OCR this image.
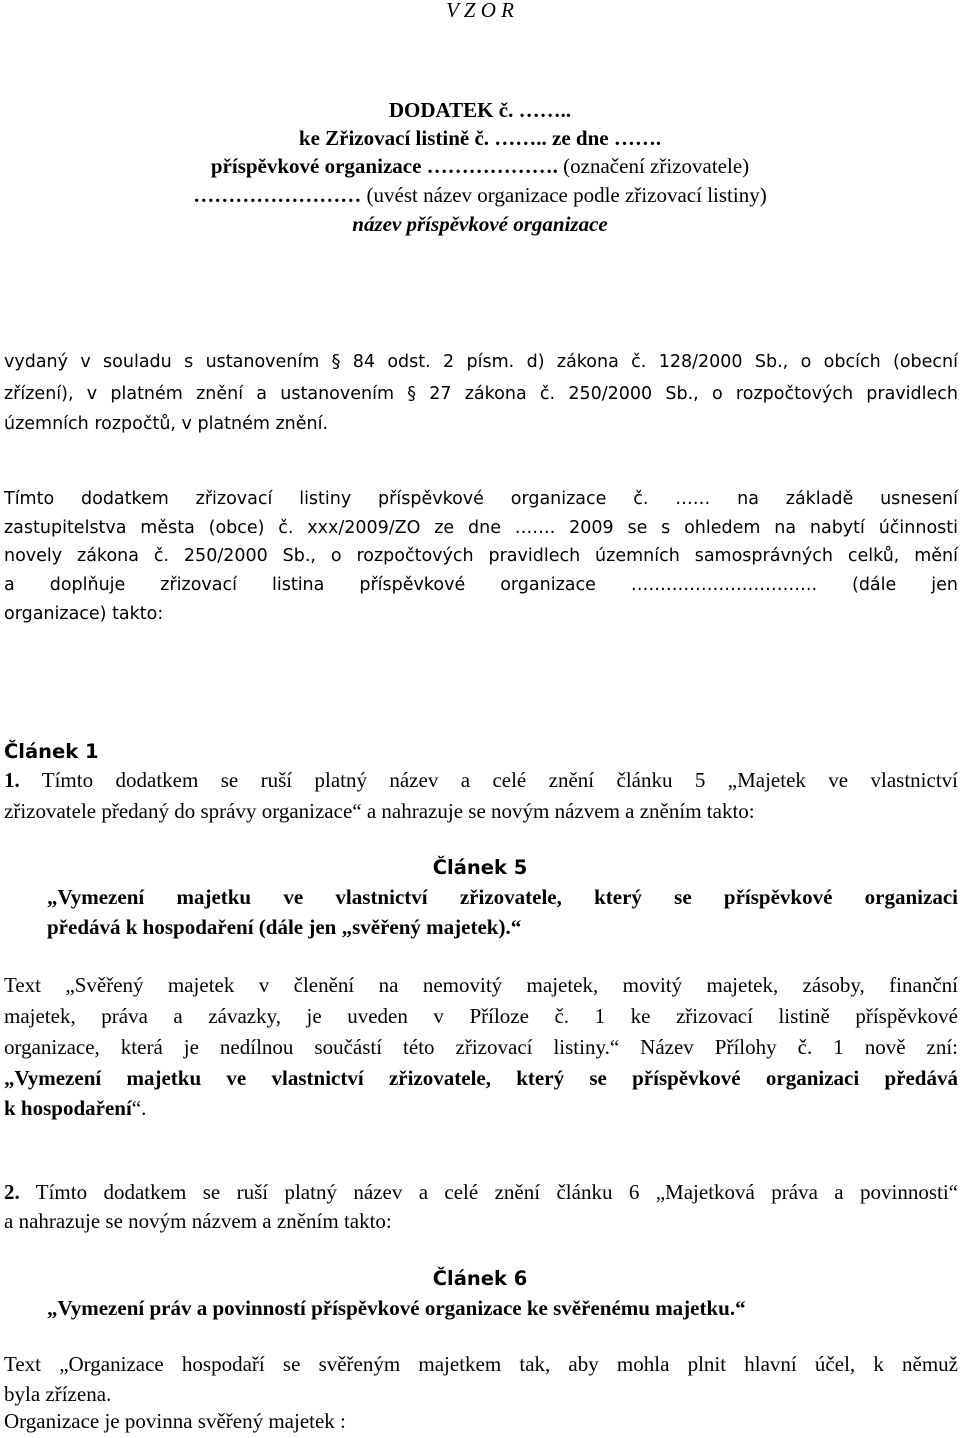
V Z O R
DODATEK č. ……..
ke Zřizovací listině č. …….. ze dne …….
příspěvkové organizace ………………. (označení zřizovatele)
…………………… (uvést název organizace podle zřizovací listiny)
název příspěvkové organizace
vydaný v souladu s ustanovením § 84 odst. 2 písm. d) zákona č. 128/2000 Sb., o obcích (obecní
zřízení), v platném znění a ustanovením § 27 zákona č. 250/2000 Sb., o rozpočtových pravidlech
územních rozpočtů, v platném znění.
Tímto dodatkem zřizovací listiny příspěvkové organizace č. …… na základě usnesení
zastupitelstva města (obce) č. xxx/2009/ZO ze dne ……. 2009 se s ohledem na nabytí účinnosti
novely zákona č. 250/2000 Sb., o rozpočtových pravidlech územních samosprávných celků, mění
a doplňuje zřizovací listina příspěvkové organizace ………………………….. (dále jen
organizace) takto:
Článek 1
1. Tímto dodatkem se ruší platný název a celé znění článku 5 „Majetek ve vlastnictví
zřizovatele předaný do správy organizace“ a nahrazuje se novým názvem a zněním takto:
Článek 5
„Vymezení majetku ve vlastnictví zřizovatele, který se příspěvkové organizaci
předává k hospodaření (dále jen „svěřený majetek).“
Text „Svěřený majetek v členění na nemovitý majetek, movitý majetek, zásoby, finanční
majetek, práva a závazky, je uveden v Příloze č. 1 ke zřizovací listině příspěvkové
organizace, která je nedílnou součástí této zřizovací listiny.“ Název Přílohy č. 1 nově zní:
„Vymezení majetku ve vlastnictví zřizovatele, který se příspěvkové organizaci předává
k hospodaření“.
2. Tímto dodatkem se ruší platný název a celé znění článku 6 „Majetková práva a povinnosti“
a nahrazuje se novým názvem a zněním takto:
Článek 6
„Vymezení práv a povinností příspěvkové organizace ke svěřenému majetku.“
Text „Organizace hospodaří se svěřeným majetkem tak, aby mohla plnit hlavní účel, k němuž
byla zřízena.
Organizace je povinna svěřený majetek :
